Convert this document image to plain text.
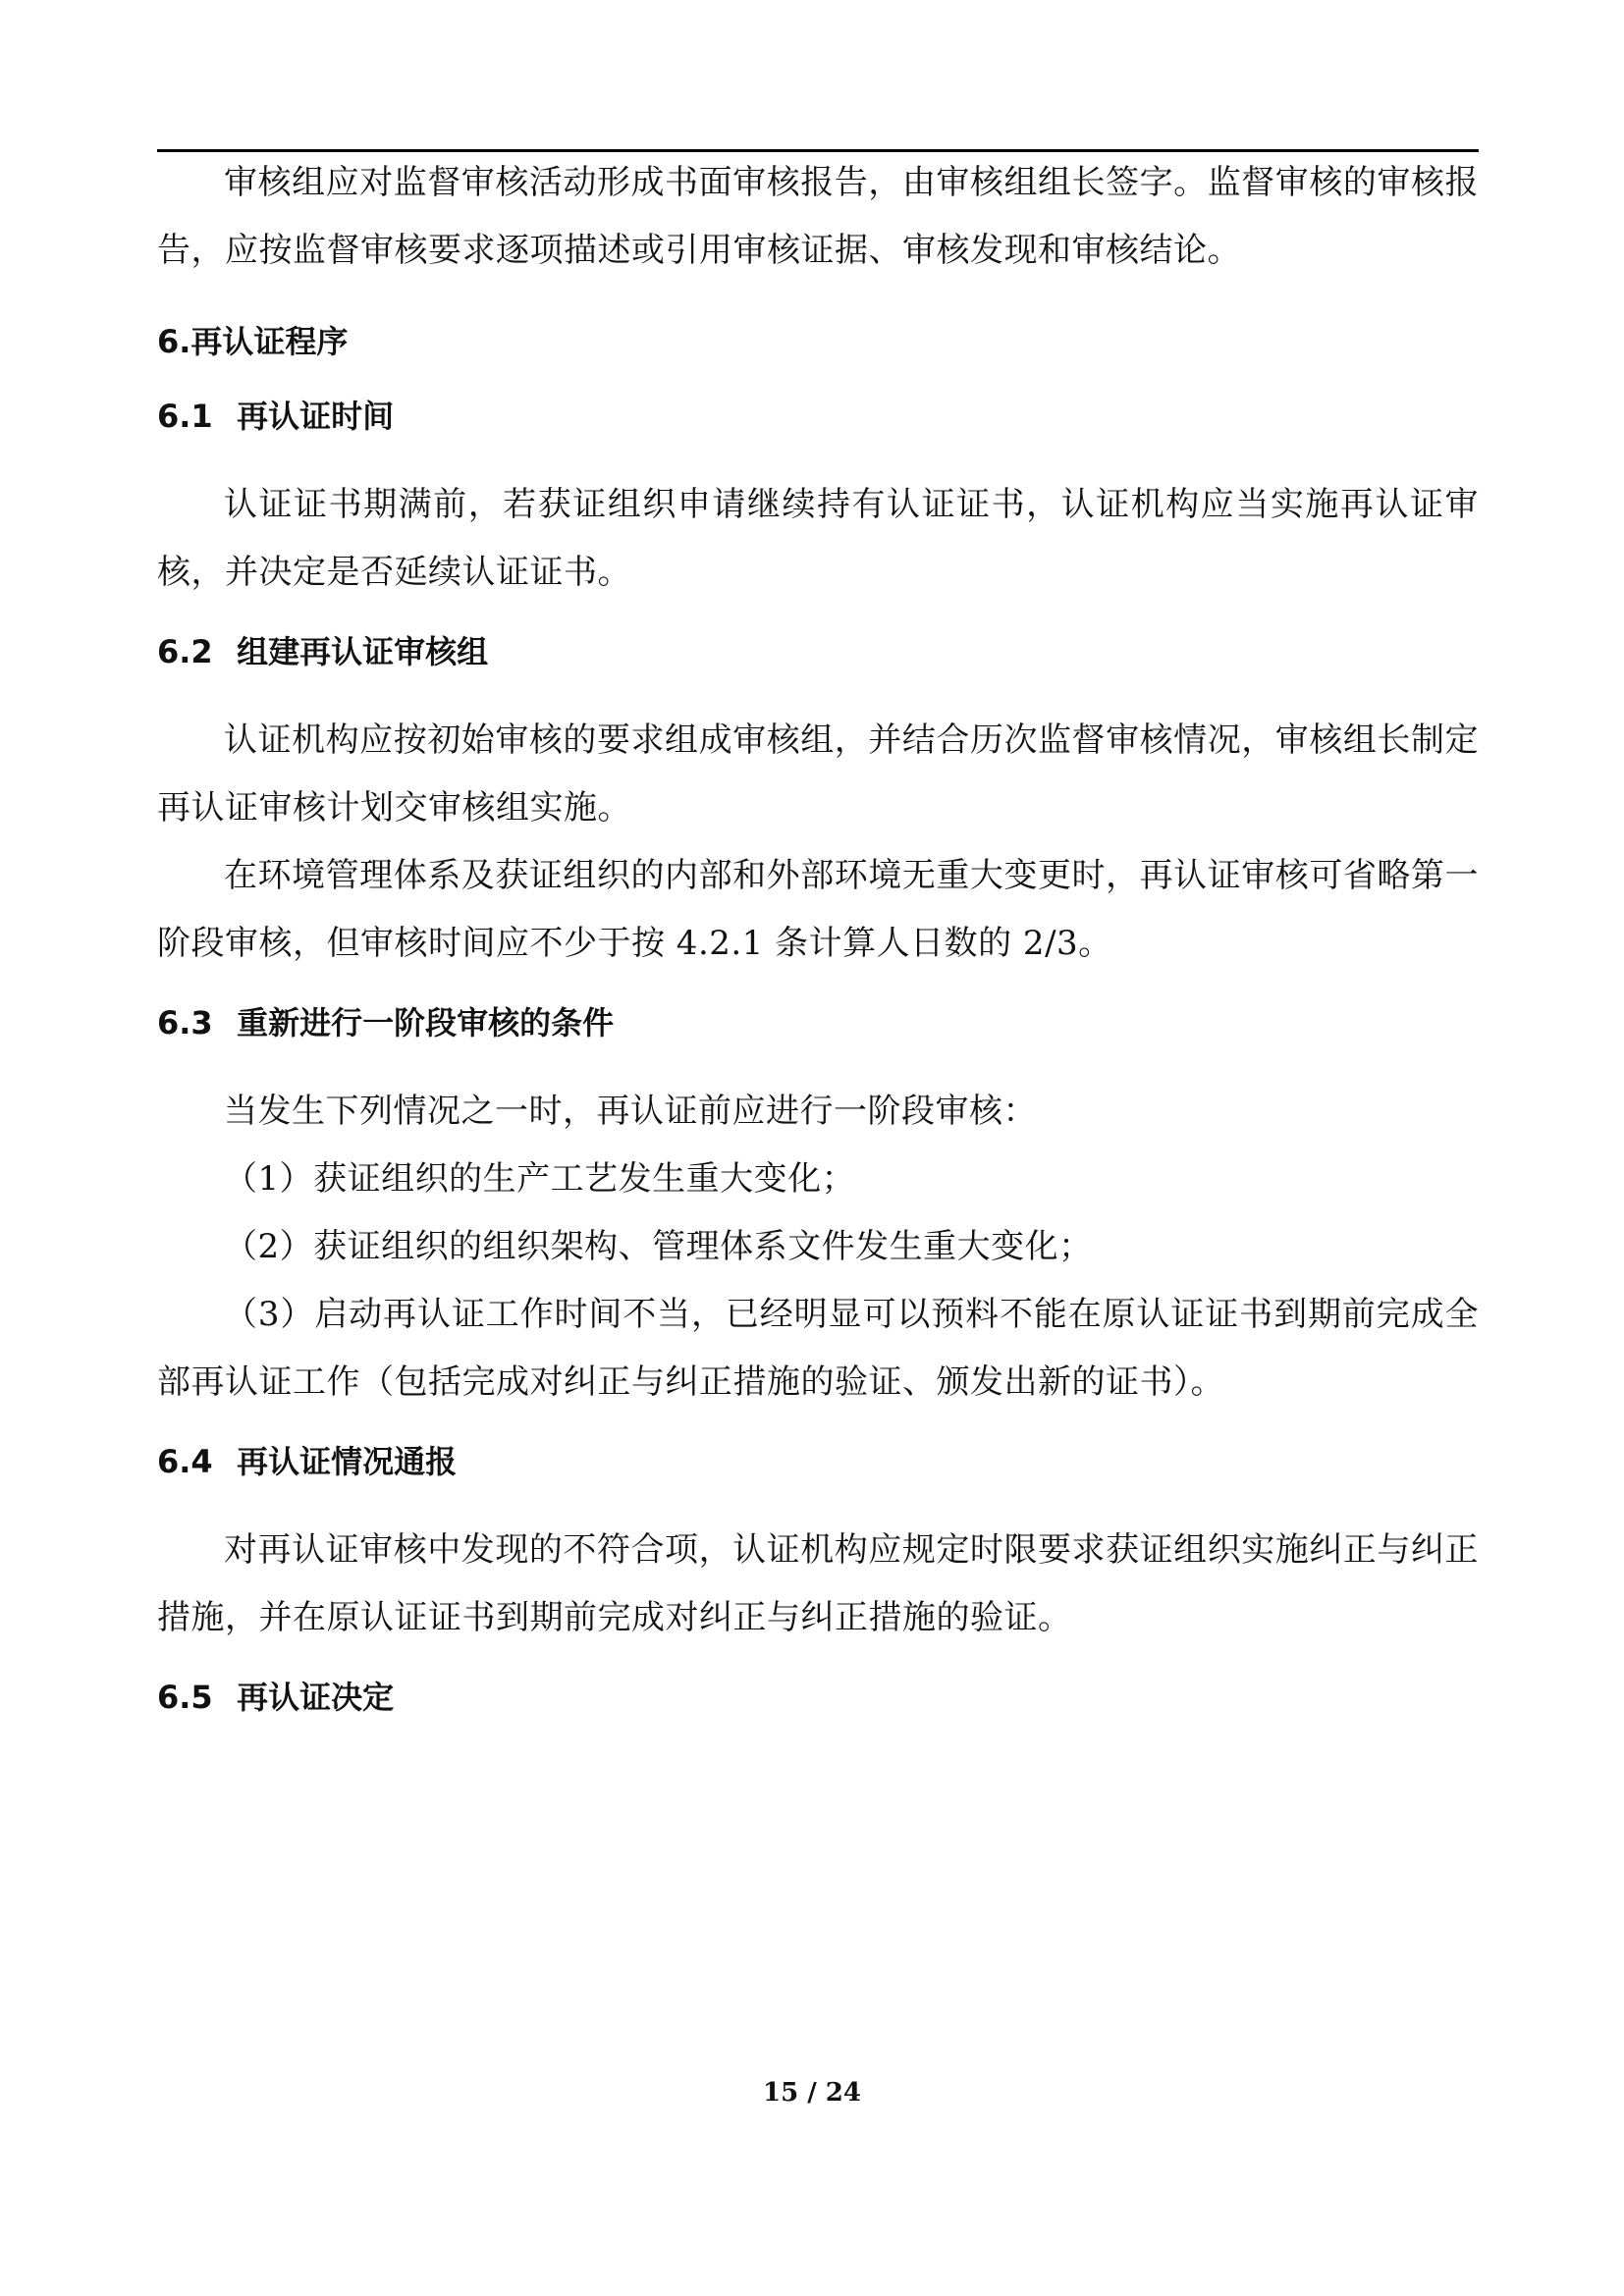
审核组应对监督审核活动形成书面审核报告，由审核组组长签字。监督审核的审核报告，应按监督审核要求逐项描述或引用审核证据、审核发现和审核结论。

6.再认证程序
6.1 再认证时间

认证证书期满前，若获证组织申请继续持有认证证书，认证机构应当实施再认证审核，并决定是否延续认证证书。

6.2 组建再认证审核组

认证机构应按初始审核的要求组成审核组，并结合历次监督审核情况，审核组长制定再认证审核计划交审核组实施。

在环境管理体系及获证组织的内部和外部环境无重大变更时，再认证审核可省略第一阶段审核，但审核时间应不少于按 4.2.1 条计算人日数的 2/3。

6.3 重新进行一阶段审核的条件

当发生下列情况之一时，再认证前应进行一阶段审核：

（1）获证组织的生产工艺发生重大变化；

（2）获证组织的组织架构、管理体系文件发生重大变化；

（3）启动再认证工作时间不当，已经明显可以预料不能在原认证证书到期前完成全部再认证工作（包括完成对纠正与纠正措施的验证、颁发出新的证书）。

6.4 再认证情况通报

对再认证审核中发现的不符合项，认证机构应规定时限要求获证组织实施纠正与纠正措施，并在原认证证书到期前完成对纠正与纠正措施的验证。

6.5 再认证决定
15 / 24
